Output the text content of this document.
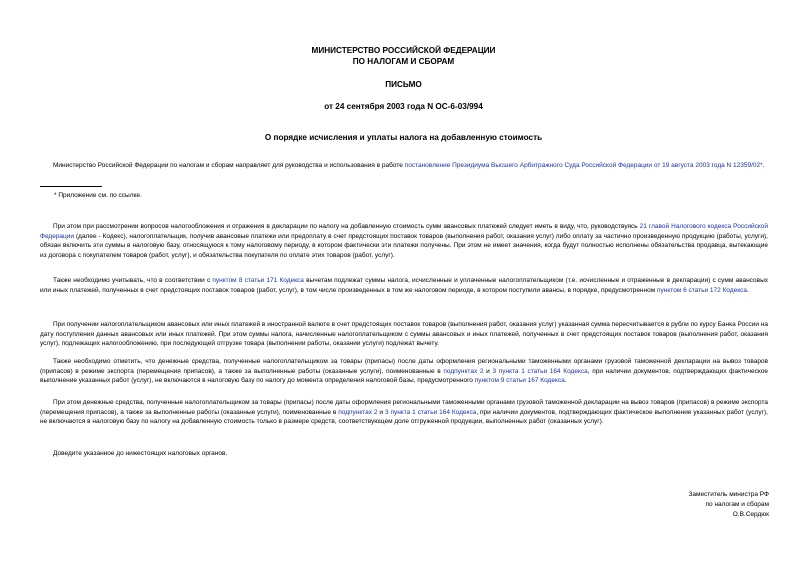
МИНИСТЕРСТВО РОССИЙСКОЙ ФЕДЕРАЦИИ
ПО НАЛОГАМ И СБОРАМ
ПИСЬМО
от 24 сентября 2003 года N ОС-6-03/994
О порядке исчисления и уплаты налога на добавленную стоимость

Министерство Российской Федерации по налогам и сборам направляет для руководства и использования в работе постановление Президиума Высшего Арбитражного Суда Российской Федерации от 19 августа 2003 года N 12359/02*.

* Приложение см. по ссылке.

При этом при рассмотрении вопросов налогообложения и отражения в декларации по налогу на добавленную стоимость сумм авансовых платежей следует иметь в виду, что, руководствуясь 21 главой Налогового кодекса Российской Федерации (далее - Кодекс), налогоплательщик, получив авансовые платежи или предоплату в счет предстоящих поставок товаров (выполнения работ, оказания услуг) либо оплату за частично произведенную продукцию (работы, услуги), обязан включить эти суммы в налоговую базу, относящуюся к тому налоговому периоду, в котором фактически эти платежи получены. При этом не имеет значения, когда будут полностью исполнены обязательства продавца, вытекающие из договора с покупателем товаров (работ, услуг), и обязательства покупателя по оплате этих товаров (работ, услуг).

Также необходимо учитывать, что в соответствии с пунктом 8 статьи 171 Кодекса вычетам подлежат суммы налога, исчисленные и уплаченные налогоплательщиком (т.е. исчисленные и отраженные в декларации) с сумм авансовых или иных платежей, полученных в счет предстоящих поставок товаров (работ, услуг), в том числе произведенных в том же налоговом периоде, в котором поступили авансы, в порядке, предусмотренном пунктом 6 статьи 172 Кодекса.

При получении налогоплательщиком авансовых или иных платежей в иностранной валюте в счет предстоящих поставок товаров (выполнения работ, оказания услуг) указанная сумма пересчитывается в рубли по курсу Банка России на дату поступления данных авансовых или иных платежей. При этом суммы налога, начисленные налогоплательщиком с суммы авансовых и иных платежей, полученных в счет предстоящих поставок товаров (выполнения работ, оказания услуг), подлежащих налогообложению, при последующей отгрузке товара (выполнении работы, оказании услуги) подлежат вычету.

Также необходимо отметить, что денежные средства, полученные налогоплательщиком за товары (припасы) после даты оформления региональными таможенными органами грузовой таможенной декларации на вывоз товаров (припасов) в режиме экспорта (перемещения припасов), а также за выполненные работы (оказанные услуги), поименованные в подпунктах 2 и 3 пункта 1 статьи 164 Кодекса, при наличии документов, подтверждающих фактическое выполнение указанных работ (услуг), не включаются в налоговую базу по налогу до момента определения налоговой базы, предусмотренного пунктом 9 статьи 167 Кодекса.

При этом денежные средства, полученные налогоплательщиком за товары (припасы) после даты оформления региональными таможенными органами грузовой таможенной декларации на вывоз товаров (припасов) в режиме экспорта (перемещения припасов), а также за выполненные работы (оказанные услуги), поименованные в подпунктах 2 и 3 пункта 1 статьи 164 Кодекса, при наличии документов, подтверждающих фактическое выполнение указанных работ (услуг), не включаются в налоговую базу по налогу на добавленную стоимость только в размере средств, соответствующем доле отгруженной продукции, выполненных работ (оказанных услуг).

Доведите указанное до нижестоящих налоговых органов.

Заместитель министра РФ
по налогам и сборам
О.В.Сердюк
